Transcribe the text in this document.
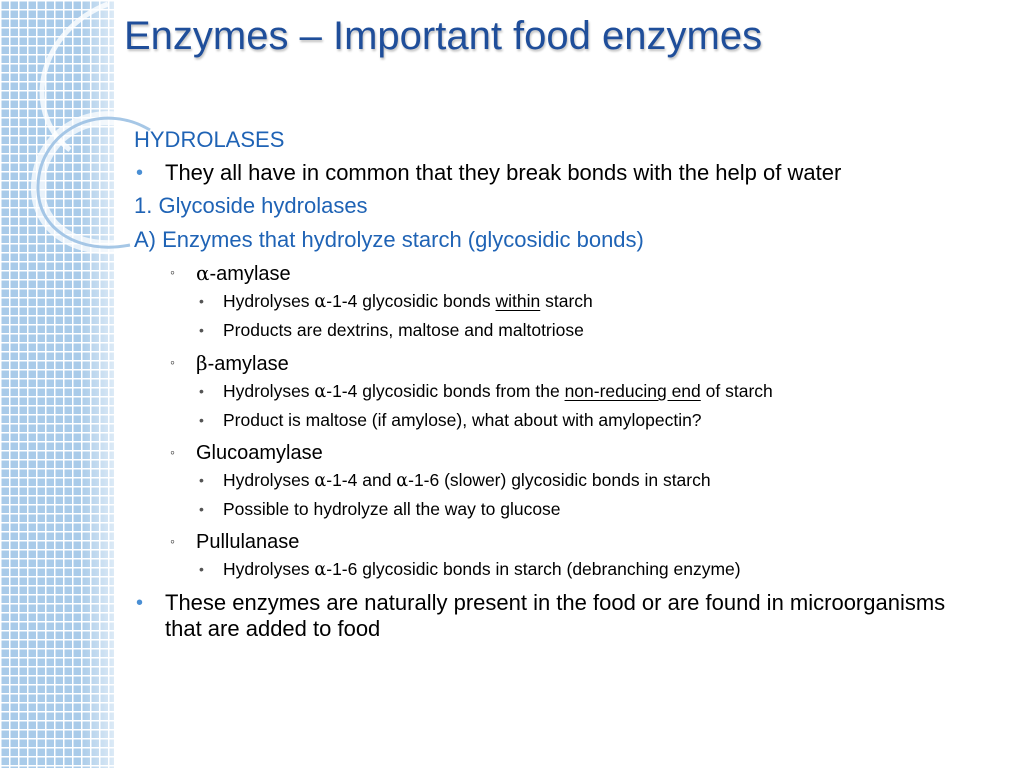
Enzymes – Important food enzymes
HYDROLASES
• They all have in common that they break bonds with the help of water
1. Glycoside hydrolases
A) Enzymes that hydrolyze starch (glycosidic bonds)
◦ α-amylase
• Hydrolyses α-1-4 glycosidic bonds within starch
• Products are dextrins, maltose and maltotriose
◦ β-amylase
• Hydrolyses α-1-4 glycosidic bonds from the non-reducing end of starch
• Product is maltose (if amylose), what about with amylopectin?
◦ Glucoamylase
• Hydrolyses α-1-4 and α-1-6 (slower) glycosidic bonds in starch
• Possible to hydrolyze all the way to glucose
◦ Pullulanase
• Hydrolyses α-1-6 glycosidic bonds in starch (debranching enzyme)
• These enzymes are naturally present in the food or are found in microorganisms that are added to food
